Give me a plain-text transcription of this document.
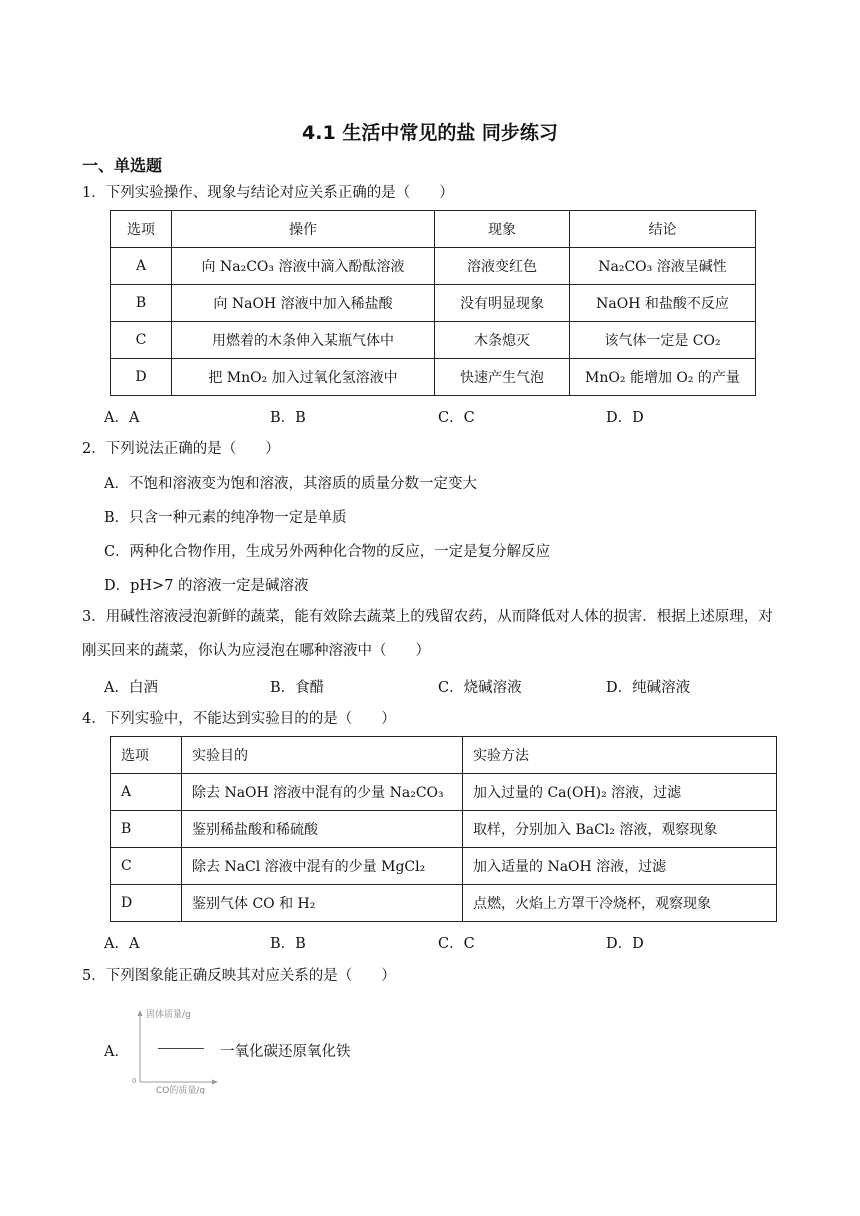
4.1 生活中常见的盐 同步练习
一、单选题
1．下列实验操作、现象与结论对应关系正确的是（　　）
选项	操作	现象	结论
A	向 Na₂CO₃ 溶液中滴入酚酞溶液	溶液变红色	Na₂CO₃ 溶液呈碱性
B	向 NaOH 溶液中加入稀盐酸	没有明显现象	NaOH 和盐酸不反应
C	用燃着的木条伸入某瓶气体中	木条熄灭	该气体一定是 CO₂
D	把 MnO₂ 加入过氧化氢溶液中	快速产生气泡	MnO₂ 能增加 O₂ 的产量
A．A	B．B	C．C	D．D
2．下列说法正确的是（　　）
A．不饱和溶液变为饱和溶液，其溶质的质量分数一定变大
B．只含一种元素的纯净物一定是单质
C．两种化合物作用，生成另外两种化合物的反应，一定是复分解反应
D．pH>7 的溶液一定是碱溶液
3．用碱性溶液浸泡新鲜的蔬菜，能有效除去蔬菜上的残留农药，从而降低对人体的损害．根据上述原理，对刚买回来的蔬菜，你认为应浸泡在哪种溶液中（　　）
A．白酒	B．食醋	C．烧碱溶液	D．纯碱溶液
4．下列实验中，不能达到实验目的的是（　　）
选项	实验目的	实验方法
A	除去 NaOH 溶液中混有的少量 Na₂CO₃	加入过量的 Ca(OH)₂ 溶液，过滤
B	鉴别稀盐酸和稀硫酸	取样，分别加入 BaCl₂ 溶液，观察现象
C	除去 NaCl 溶液中混有的少量 MgCl₂	加入适量的 NaOH 溶液，过滤
D	鉴别气体 CO 和 H₂	点燃，火焰上方罩干冷烧杯，观察现象
A．A	B．B	C．C	D．D
5．下列图象能正确反映其对应关系的是（　　）
A．
固体质量/g
CO的质量/g
0
一氧化碳还原氧化铁
